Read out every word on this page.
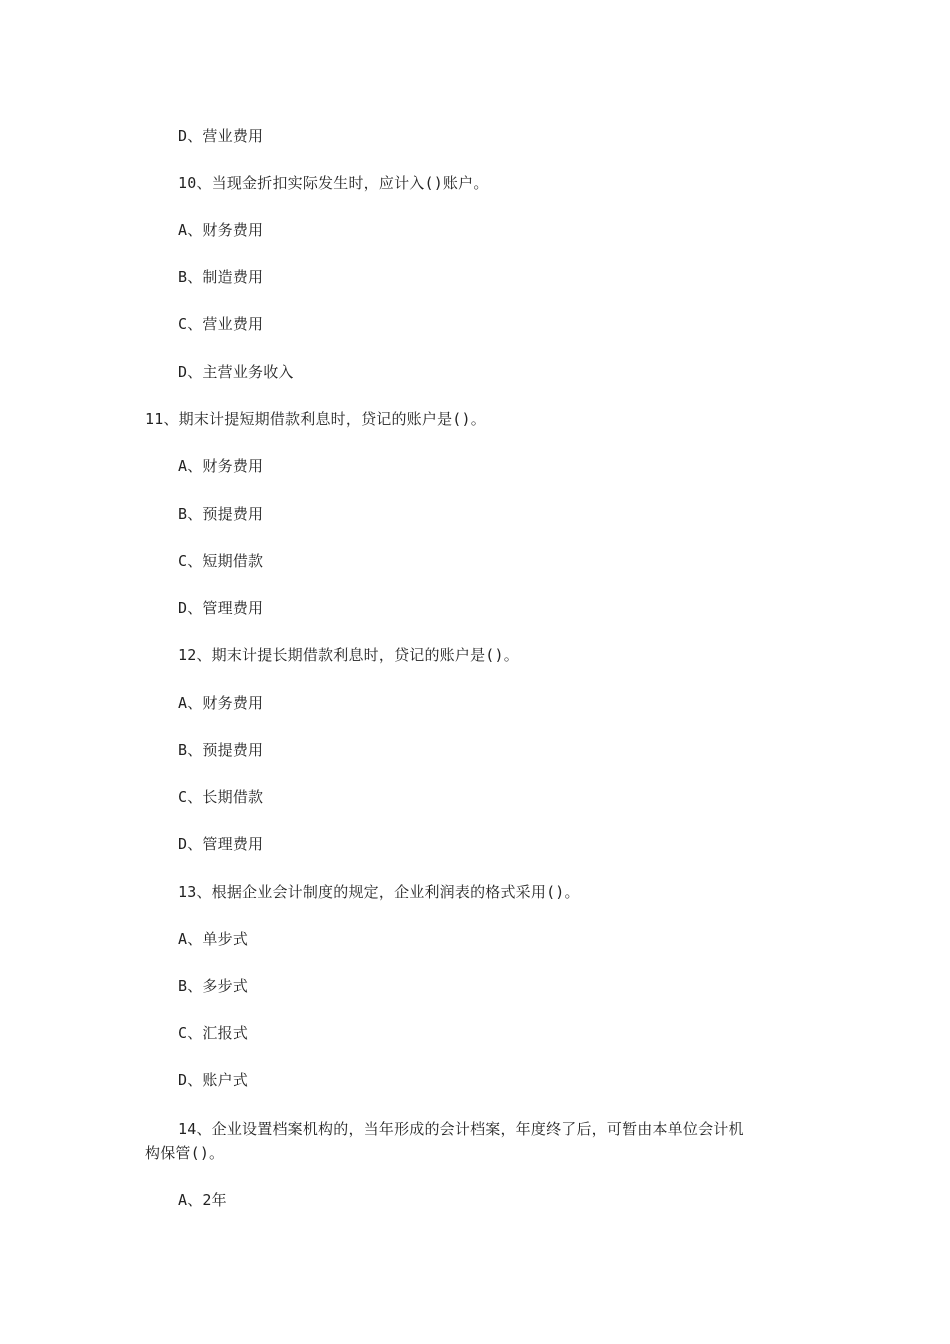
D、营业费用
10、当现金折扣实际发生时，应计入()账户。
A、财务费用
B、制造费用
C、营业费用
D、主营业务收入
11、期末计提短期借款利息时，贷记的账户是()。
A、财务费用
B、预提费用
C、短期借款
D、管理费用
12、期末计提长期借款利息时，贷记的账户是()。
A、财务费用
B、预提费用
C、长期借款
D、管理费用
13、根据企业会计制度的规定，企业利润表的格式采用()。
A、单步式
B、多步式
C、汇报式
D、账户式
14、企业设置档案机构的，当年形成的会计档案，年度终了后，可暂由本单位会计机
构保管()。
A、2年
